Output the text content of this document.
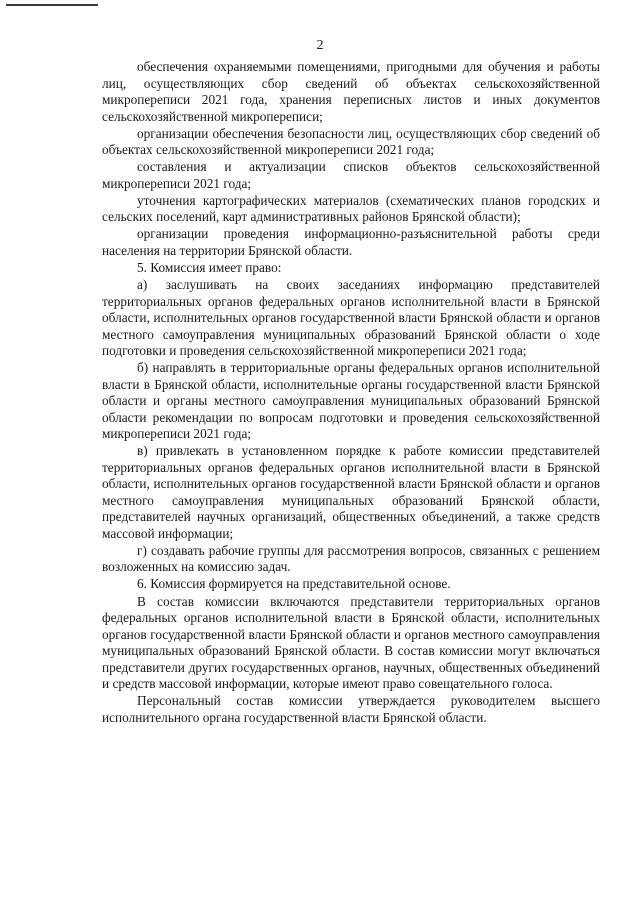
2

обеспечения охраняемыми помещениями, пригодными для обучения и работы лиц, осуществляющих сбор сведений об объектах сельскохозяйственной микропереписи 2021 года, хранения переписных листов и иных документов сельскохозяйственной микропереписи;

организации обеспечения безопасности лиц, осуществляющих сбор сведений об объектах сельскохозяйственной микропереписи 2021 года;

составления и актуализации списков объектов сельскохозяйственной микропереписи 2021 года;

уточнения картографических материалов (схематических планов городских и сельских поселений, карт административных районов Брянской области);

организации проведения информационно-разъяснительной работы среди населения на территории Брянской области.

5. Комиссия имеет право:

а) заслушивать на своих заседаниях информацию представителей территориальных органов федеральных органов исполнительной власти в Брянской области, исполнительных органов государственной власти Брянской области и органов местного самоуправления муниципальных образований Брянской области о ходе подготовки и проведения сельскохозяйственной микропереписи 2021 года;

б) направлять в территориальные органы федеральных органов исполнительной власти в Брянской области, исполнительные органы государственной власти Брянской области и органы местного самоуправления муниципальных образований Брянской области рекомендации по вопросам подготовки и проведения сельскохозяйственной микропереписи 2021 года;

в) привлекать в установленном порядке к работе комиссии представителей территориальных органов федеральных органов исполнительной власти в Брянской области, исполнительных органов государственной власти Брянской области и органов местного самоуправления муниципальных образований Брянской области, представителей научных организаций, общественных объединений, а также средств массовой информации;

г) создавать рабочие группы для рассмотрения вопросов, связанных с решением возложенных на комиссию задач.

6. Комиссия формируется на представительной основе.

В состав комиссии включаются представители территориальных органов федеральных органов исполнительной власти в Брянской области, исполнительных органов государственной власти Брянской области и органов местного самоуправления муниципальных образований Брянской области. В состав комиссии могут включаться представители других государственных органов, научных, общественных объединений и средств массовой информации, которые имеют право совещательного голоса.

Персональный состав комиссии утверждается руководителем высшего исполнительного органа государственной власти Брянской области.
